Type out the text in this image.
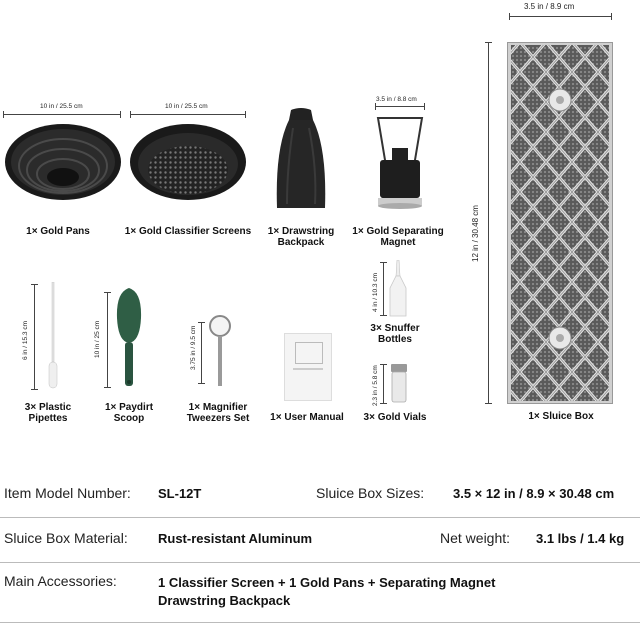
3.5 in / 8.9 cm
12 in / 30.48 cm
1× Sluice Box
10 in / 25.5 cm
1× Gold Pans
10 in / 25.5 cm
1× Gold Classifier Screens	1× Drawstring
Backpack
3.5 in / 8.8 cm
1× Gold Separating
Magnet
6 in / 15.3 cm
3× Plastic
Pipettes
10 in / 25 cm
1× Paydirt
Scoop
3.75 in / 9.5 cm
1× Magnifier
Tweezers Set	1× User Manual
4 in / 10.3 cm
3× Snuffer
Bottles
2.3 in / 5.8 cm
3× Gold Vials
Item Model Number: SL-12T	Sluice Box Sizes: 3.5 × 12 in / 8.9 × 30.48 cm
Sluice Box Material: Rust-resistant Aluminum	Net weight: 3.1 lbs / 1.4 kg
Main Accessories:	1 Classifier Screen + 1 Gold Pans + Separating Magnet
Drawstring Backpack
